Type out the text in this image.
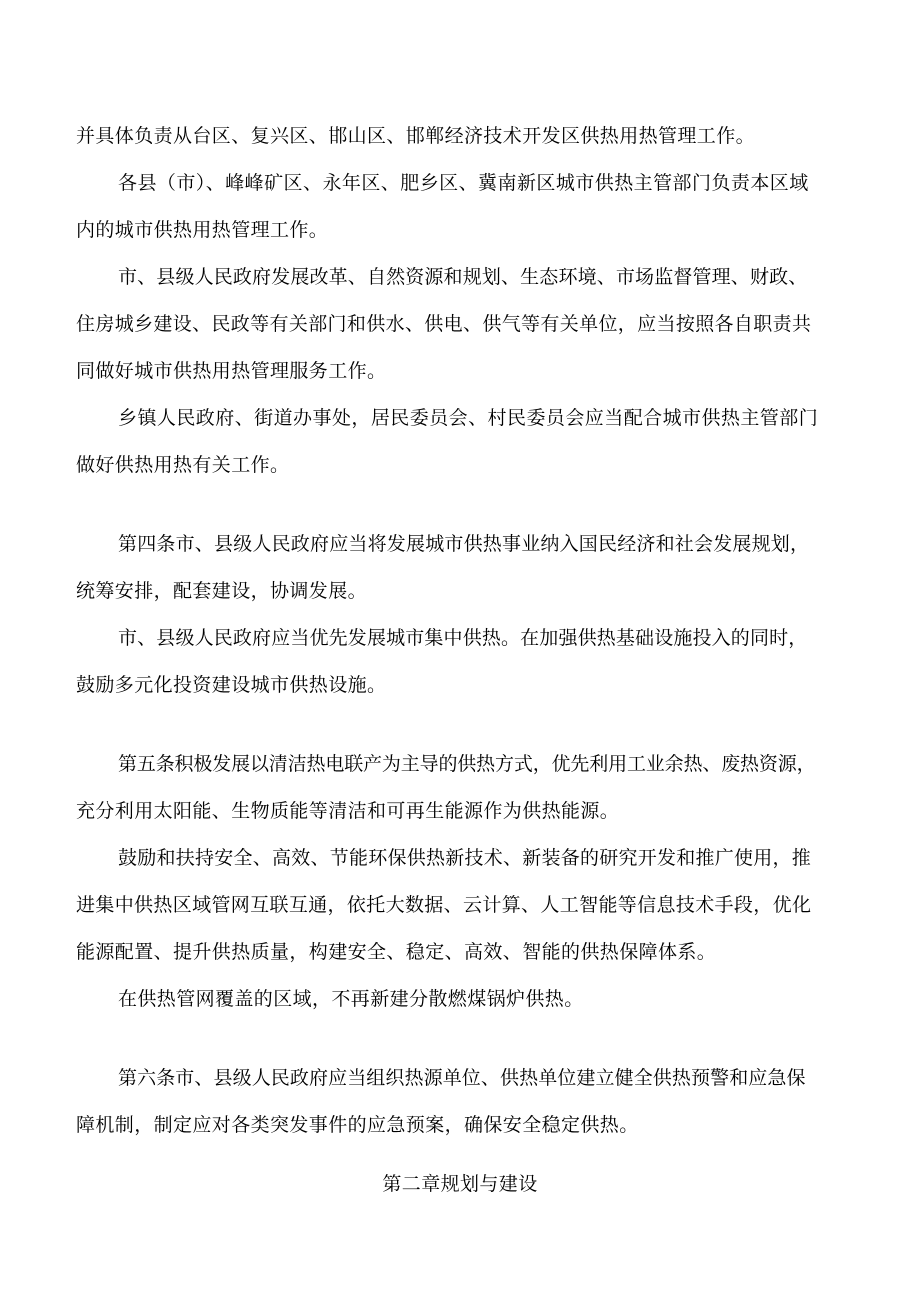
并具体负责从台区、复兴区、邯山区、邯郸经济技术开发区供热用热管理工作。
各县（市）、峰峰矿区、永年区、肥乡区、冀南新区城市供热主管部门负责本区域
内的城市供热用热管理工作。
市、县级人民政府发展改革、自然资源和规划、生态环境、市场监督管理、财政、
住房城乡建设、民政等有关部门和供水、供电、供气等有关单位，应当按照各自职责共
同做好城市供热用热管理服务工作。
乡镇人民政府、街道办事处，居民委员会、村民委员会应当配合城市供热主管部门
做好供热用热有关工作。
第四条市、县级人民政府应当将发展城市供热事业纳入国民经济和社会发展规划，
统筹安排，配套建设，协调发展。
市、县级人民政府应当优先发展城市集中供热。在加强供热基础设施投入的同时，
鼓励多元化投资建设城市供热设施。
第五条积极发展以清洁热电联产为主导的供热方式，优先利用工业余热、废热资源，
充分利用太阳能、生物质能等清洁和可再生能源作为供热能源。
鼓励和扶持安全、高效、节能环保供热新技术、新装备的研究开发和推广使用，推
进集中供热区域管网互联互通，依托大数据、云计算、人工智能等信息技术手段，优化
能源配置、提升供热质量，构建安全、稳定、高效、智能的供热保障体系。
在供热管网覆盖的区域，不再新建分散燃煤锅炉供热。
第六条市、县级人民政府应当组织热源单位、供热单位建立健全供热预警和应急保
障机制，制定应对各类突发事件的应急预案，确保安全稳定供热。
第二章规划与建设
